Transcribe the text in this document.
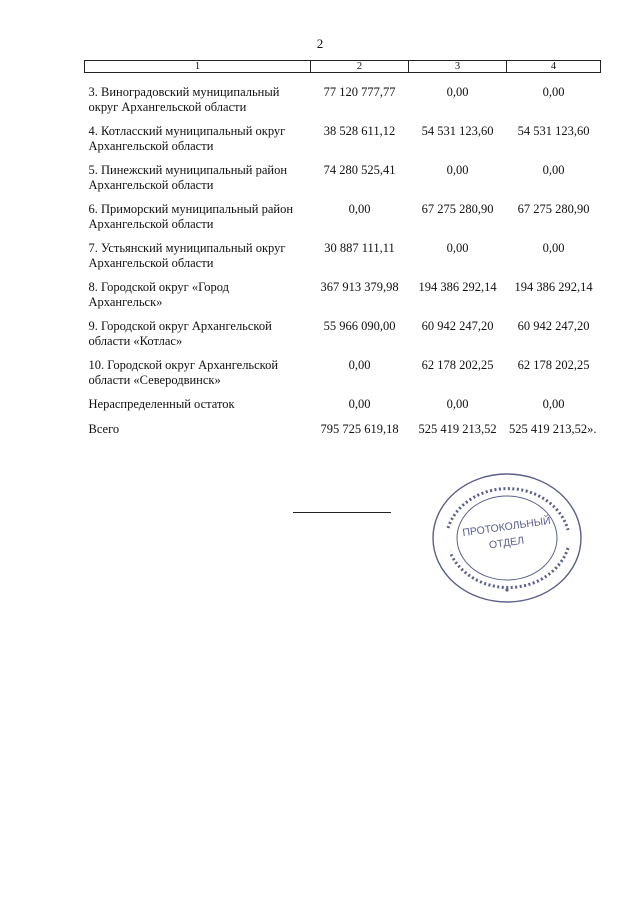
2
1	2	3	4
3. Виноградовский муниципальный округ Архангельской области	77 120 777,77	0,00	0,00
4. Котласский муниципальный округ Архангельской области	38 528 611,12	54 531 123,60	54 531 123,60
5. Пинежский муниципальный район Архангельской области	74 280 525,41	0,00	0,00
6. Приморский муниципальный район Архангельской области	0,00	67 275 280,90	67 275 280,90
7. Устьянский муниципальный округ Архангельской области	30 887 111,11	0,00	0,00
8. Городской округ «Город Архангельск»	367 913 379,98	194 386 292,14	194 386 292,14
9. Городской округ Архангельской области «Котлас»	55 966 090,00	60 942 247,20	60 942 247,20
10. Городской округ Архангельской области «Северодвинск»	0,00	62 178 202,25	62 178 202,25
Нераспределенный остаток	0,00	0,00	0,00
Всего	795 725 619,18	525 419 213,52	525 419 213,52».
ПРОТОКОЛЬНЫЙ
ОТДЕЛ
